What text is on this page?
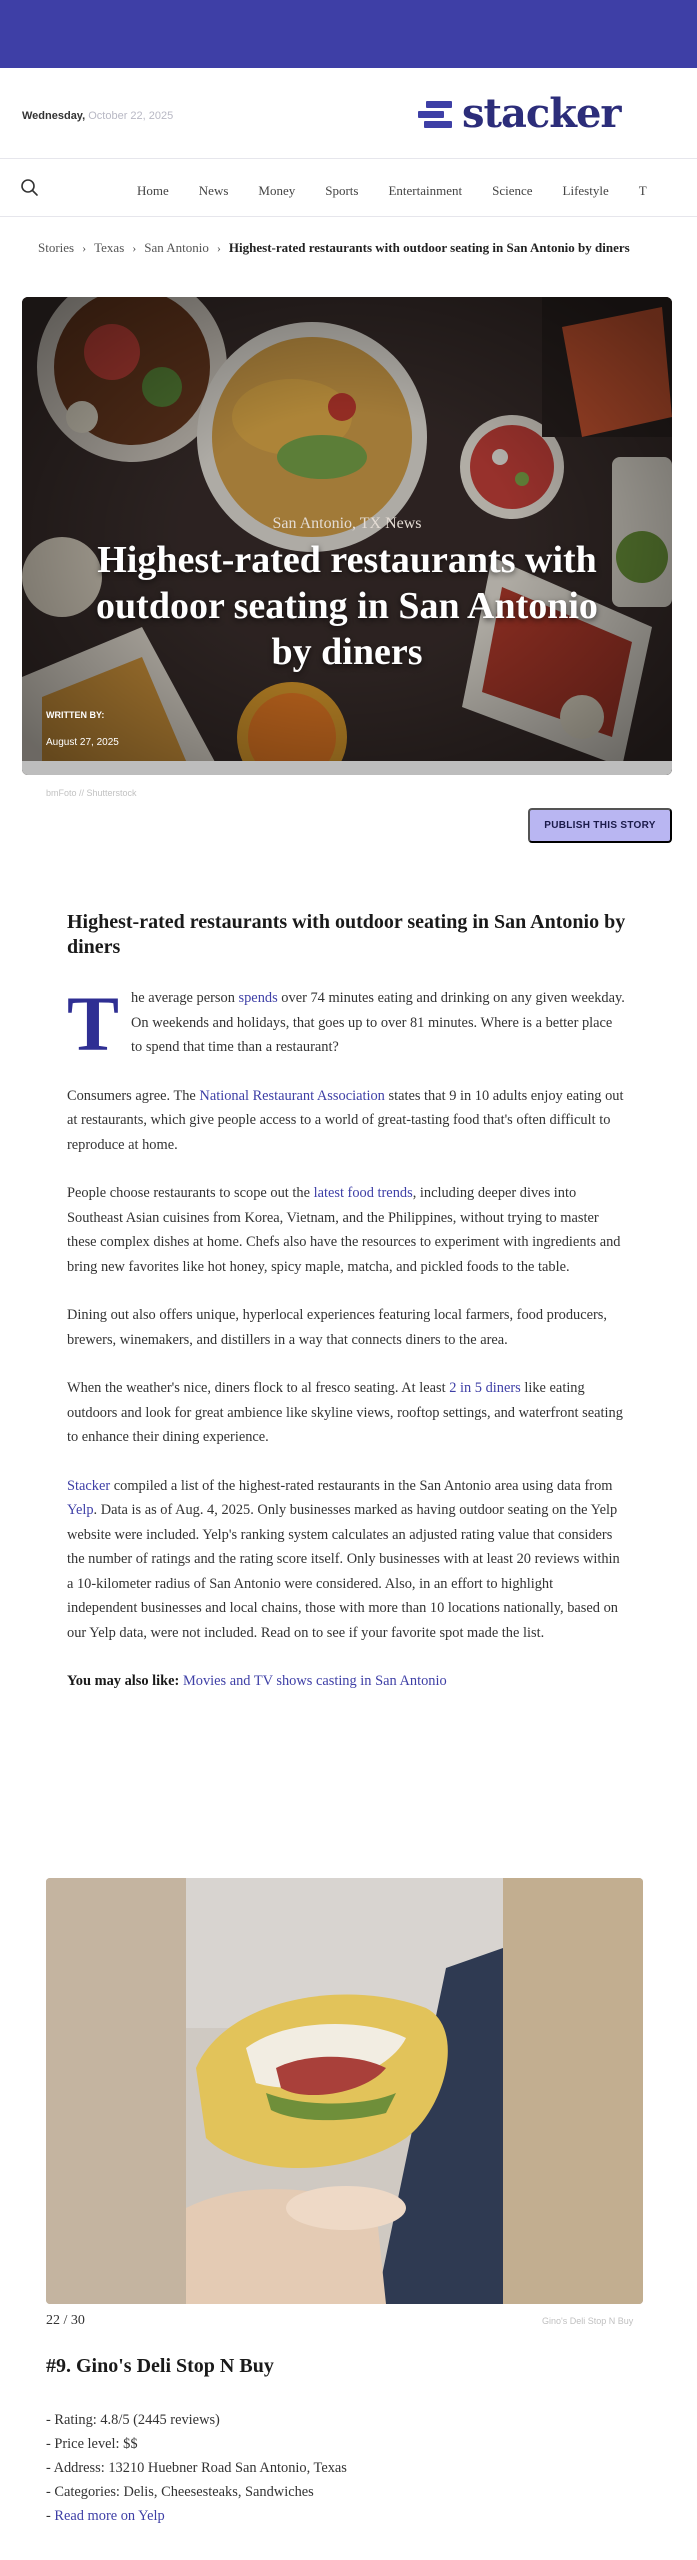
Wednesday, October 22, 2025	stacker
Home News Money Sports Entertainment Science Lifestyle T
Stories › Texas › San Antonio › Highest-rated restaurants with outdoor seating in San Antonio by diners
San Antonio, TX News
Highest-rated restaurants with outdoor seating in San Antonio by diners
WRITTEN BY:
August 27, 2025
bmFoto // Shutterstock
PUBLISH THIS STORY
Highest-rated restaurants with outdoor seating in San Antonio by diners

The average person spends over 74 minutes eating and drinking on any given weekday. On weekends and holidays, that goes up to over 81 minutes. Where is a better place to spend that time than a restaurant?

Consumers agree. The National Restaurant Association states that 9 in 10 adults enjoy eating out at restaurants, which give people access to a world of great-tasting food that's often difficult to reproduce at home.

People choose restaurants to scope out the latest food trends, including deeper dives into Southeast Asian cuisines from Korea, Vietnam, and the Philippines, without trying to master these complex dishes at home. Chefs also have the resources to experiment with ingredients and bring new favorites like hot honey, spicy maple, matcha, and pickled foods to the table.

Dining out also offers unique, hyperlocal experiences featuring local farmers, food producers, brewers, winemakers, and distillers in a way that connects diners to the area.

When the weather's nice, diners flock to al fresco seating. At least 2 in 5 diners like eating outdoors and look for great ambience like skyline views, rooftop settings, and waterfront seating to enhance their dining experience.

Stacker compiled a list of the highest-rated restaurants in the San Antonio area using data from Yelp. Data is as of Aug. 4, 2025. Only businesses marked as having outdoor seating on the Yelp website were included. Yelp's ranking system calculates an adjusted rating value that considers the number of ratings and the rating score itself. Only businesses with at least 20 reviews within a 10-kilometer radius of San Antonio were considered. Also, in an effort to highlight independent businesses and local chains, those with more than 10 locations nationally, based on our Yelp data, were not included. Read on to see if your favorite spot made the list.

You may also like: Movies and TV shows casting in San Antonio

22 / 30	Gino's Deli Stop N Buy
#9. Gino's Deli Stop N Buy
- Rating: 4.8/5 (2445 reviews)
- Price level: $$
- Address: 13210 Huebner Road San Antonio, Texas
- Categories: Delis, Cheesesteaks, Sandwiches
- Read more on Yelp
